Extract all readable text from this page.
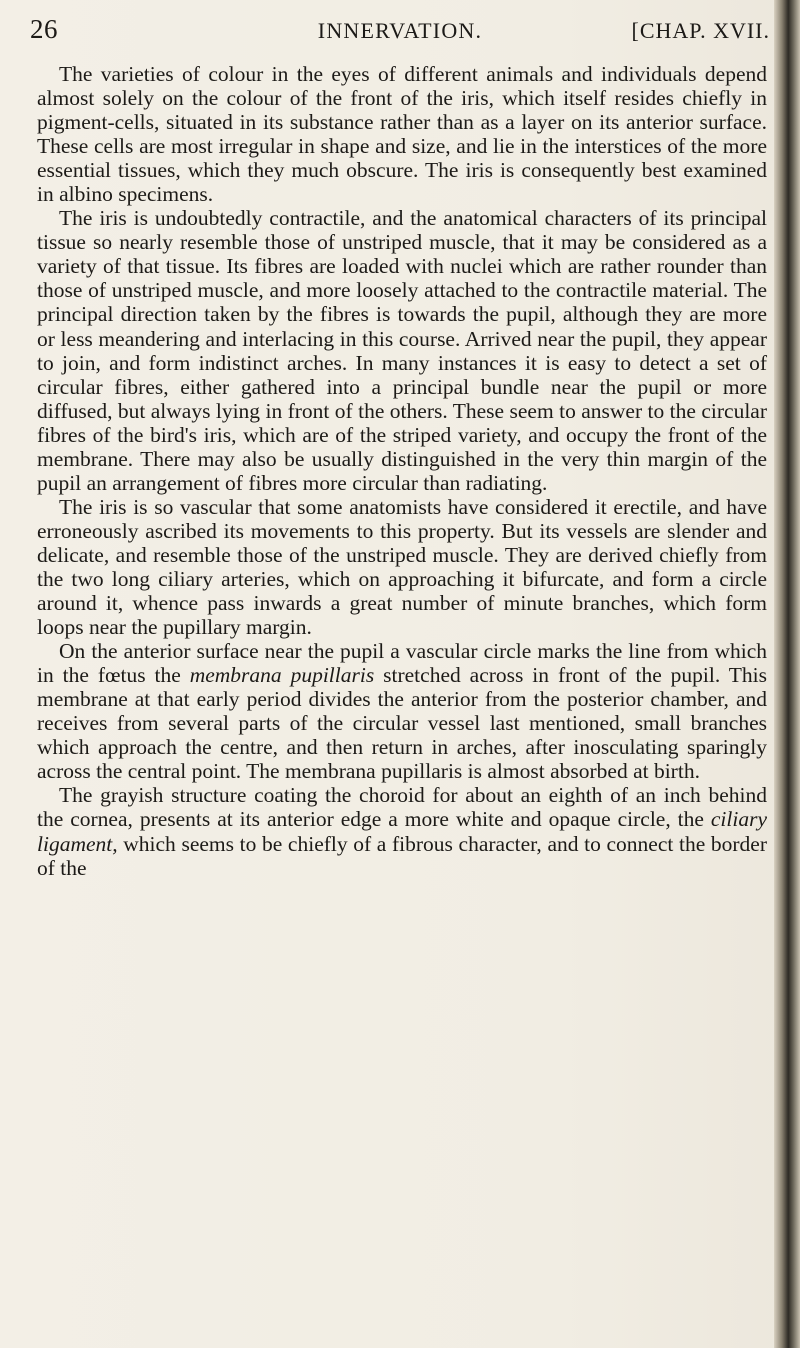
26	INNERVATION.	[CHAP. XVII.

The varieties of colour in the eyes of different animals and individuals depend almost solely on the colour of the front of the iris, which itself resides chiefly in pigment-cells, situated in its substance rather than as a layer on its anterior surface. These cells are most irregular in shape and size, and lie in the interstices of the more essential tissues, which they much obscure. The iris is consequently best examined in albino specimens.

The iris is undoubtedly contractile, and the anatomical characters of its principal tissue so nearly resemble those of unstriped muscle, that it may be considered as a variety of that tissue. Its fibres are loaded with nuclei which are rather rounder than those of unstriped muscle, and more loosely attached to the contractile material. The principal direction taken by the fibres is towards the pupil, although they are more or less meandering and interlacing in this course. Arrived near the pupil, they appear to join, and form indistinct arches. In many instances it is easy to detect a set of circular fibres, either gathered into a principal bundle near the pupil or more diffused, but always lying in front of the others. These seem to answer to the circular fibres of the bird's iris, which are of the striped variety, and occupy the front of the membrane. There may also be usually distinguished in the very thin margin of the pupil an arrangement of fibres more circular than radiating.

The iris is so vascular that some anatomists have considered it erectile, and have erroneously ascribed its movements to this property. But its vessels are slender and delicate, and resemble those of the unstriped muscle. They are derived chiefly from the two long ciliary arteries, which on approaching it bifurcate, and form a circle around it, whence pass inwards a great number of minute branches, which form loops near the pupillary margin.

On the anterior surface near the pupil a vascular circle marks the line from which in the fœtus the membrana pupillaris stretched across in front of the pupil. This membrane at that early period divides the anterior from the posterior chamber, and receives from several parts of the circular vessel last mentioned, small branches which approach the centre, and then return in arches, after inosculating sparingly across the central point. The membrana pupillaris is almost absorbed at birth.

The grayish structure coating the choroid for about an eighth of an inch behind the cornea, presents at its anterior edge a more white and opaque circle, the ciliary ligament, which seems to be chiefly of a fibrous character, and to connect the border of the
